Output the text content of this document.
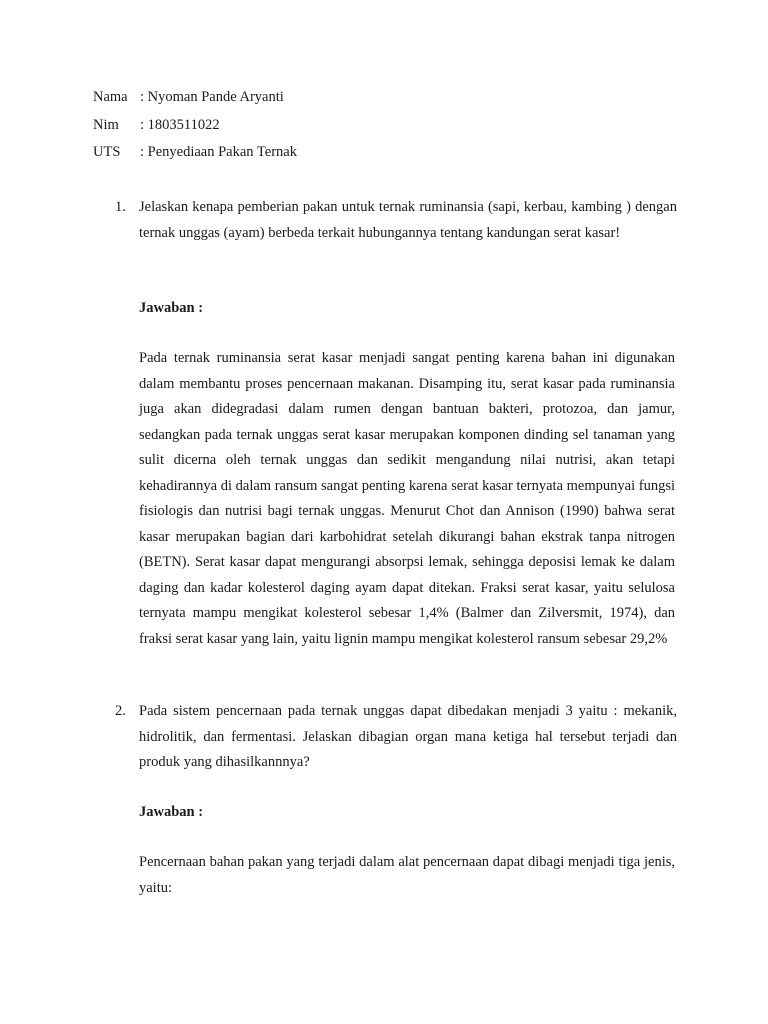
Nama : Nyoman Pande Aryanti
Nim : 1803511022
UTS : Penyediaan Pakan Ternak
1. Jelaskan kenapa pemberian pakan untuk ternak ruminansia (sapi, kerbau, kambing ) dengan ternak unggas (ayam) berbeda terkait hubungannya tentang kandungan serat kasar!
Jawaban :
Pada ternak ruminansia serat kasar menjadi sangat penting karena bahan ini digunakan dalam membantu proses pencernaan makanan. Disamping itu, serat kasar pada ruminansia juga akan didegradasi dalam rumen dengan bantuan bakteri, protozoa, dan jamur, sedangkan pada ternak unggas serat kasar merupakan komponen dinding sel tanaman yang sulit dicerna oleh ternak unggas dan sedikit mengandung nilai nutrisi, akan tetapi kehadirannya di dalam ransum sangat penting karena serat kasar ternyata mempunyai fungsi fisiologis dan nutrisi bagi ternak unggas. Menurut Chot dan Annison (1990) bahwa serat kasar merupakan bagian dari karbohidrat setelah dikurangi bahan ekstrak tanpa nitrogen (BETN). Serat kasar dapat mengurangi absorpsi lemak, sehingga deposisi lemak ke dalam daging dan kadar kolesterol daging ayam dapat ditekan. Fraksi serat kasar, yaitu selulosa ternyata mampu mengikat kolesterol sebesar 1,4% (Balmer dan Zilversmit, 1974), dan fraksi serat kasar yang lain, yaitu lignin mampu mengikat kolesterol ransum sebesar 29,2%
2. Pada sistem pencernaan pada ternak unggas dapat dibedakan menjadi 3 yaitu : mekanik, hidrolitik, dan fermentasi. Jelaskan dibagian organ mana ketiga hal tersebut terjadi dan produk yang dihasilkannnya?
Jawaban :
Pencernaan bahan pakan yang terjadi dalam alat pencernaan dapat dibagi menjadi tiga jenis, yaitu:
